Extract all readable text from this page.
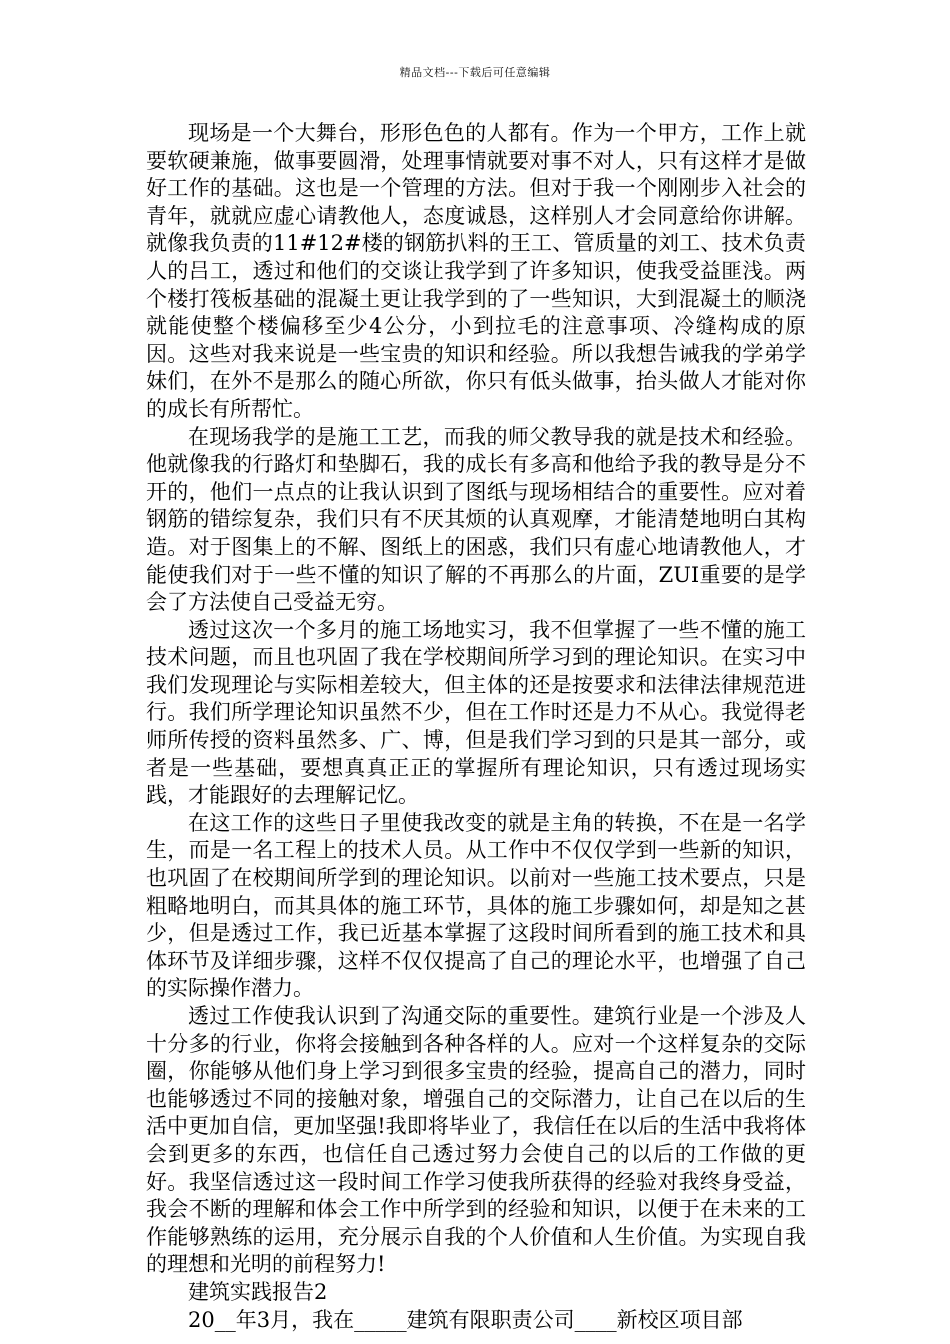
精品文档---下载后可任意编辑

现场是一个大舞台，形形色色的人都有。作为一个甲方，工作上就要软硬兼施，做事要圆滑，处理事情就要对事不对人，只有这样才是做好工作的基础。这也是一个管理的方法。但对于我一个刚刚步入社会的青年，就就应虚心请教他人，态度诚恳，这样别人才会同意给你讲解。就像我负责的11#12#楼的钢筋扒料的王工、管质量的刘工、技术负责人的吕工，透过和他们的交谈让我学到了许多知识，使我受益匪浅。两个楼打筏板基础的混凝土更让我学到的了一些知识，大到混凝土的顺浇就能使整个楼偏移至少4公分，小到拉毛的注意事项、冷缝构成的原因。这些对我来说是一些宝贵的知识和经验。所以我想告诫我的学弟学妹们，在外不是那么的随心所欲，你只有低头做事，抬头做人才能对你的成长有所帮忙。

在现场我学的是施工工艺，而我的师父教导我的就是技术和经验。他就像我的行路灯和垫脚石，我的成长有多高和他给予我的教导是分不开的，他们一点点的让我认识到了图纸与现场相结合的重要性。应对着钢筋的错综复杂，我们只有不厌其烦的认真观摩，才能清楚地明白其构造。对于图集上的不解、图纸上的困惑，我们只有虚心地请教他人，才能使我们对于一些不懂的知识了解的不再那么的片面，ZUI重要的是学会了方法使自己受益无穷。

透过这次一个多月的施工场地实习，我不但掌握了一些不懂的施工技术问题，而且也巩固了我在学校期间所学习到的理论知识。在实习中我们发现理论与实际相差较大，但主体的还是按要求和法律法律规范进行。我们所学理论知识虽然不少，但在工作时还是力不从心。我觉得老师所传授的资料虽然多、广、博，但是我们学习到的只是其一部分，或者是一些基础，要想真真正正的掌握所有理论知识，只有透过现场实践，才能跟好的去理解记忆。

在这工作的这些日子里使我改变的就是主角的转换，不在是一名学生，而是一名工程上的技术人员。从工作中不仅仅学到一些新的知识，也巩固了在校期间所学到的理论知识。以前对一些施工技术要点，只是粗略地明白，而其具体的施工环节，具体的施工步骤如何，却是知之甚少，但是透过工作，我已近基本掌握了这段时间所看到的施工技术和具体环节及详细步骤，这样不仅仅提高了自己的理论水平，也增强了自己的实际操作潜力。

透过工作使我认识到了沟通交际的重要性。建筑行业是一个涉及人十分多的行业，你将会接触到各种各样的人。应对一个这样复杂的交际圈，你能够从他们身上学习到很多宝贵的经验，提高自己的潜力，同时也能够透过不同的接触对象，增强自己的交际潜力，让自己在以后的生活中更加自信，更加坚强!我即将毕业了，我信任在以后的生活中我将体会到更多的东西，也信任自己透过努力会使自己的以后的工作做的更好。我坚信透过这一段时间工作学习使我所获得的经验对我终身受益，我会不断的理解和体会工作中所学到的经验和知识，以便于在未来的工作能够熟练的运用，充分展示自我的个人价值和人生价值。为实现自我的理想和光明的前程努力!

建筑实践报告2

20__年3月，我在_____建筑有限职责公司____新校区项目部
